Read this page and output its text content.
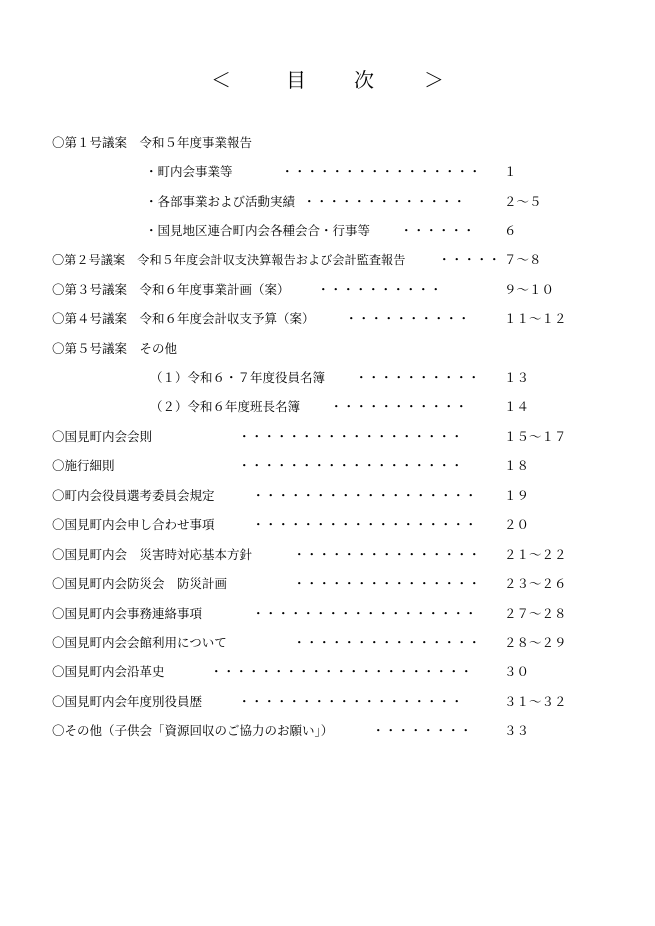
＜	目 次	＞
〇第１号議案　令和５年度事業報告
・町内会事業等	・・・・・・・・・・・・・・・・ １
・各部事業および活動実績 ・・・・・・・・・・・・・	２～５
・国見地区連合町内会各種会合・行事等 ・・・・・・ ６
〇第２号議案　令和５年度会計収支決算報告および会計監査報告	・・・・・ ７～８
〇第３号議案　令和６年度事業計画（案） ・・・・・・・・・・	９～１０
〇第４号議案　令和６年度会計収支予算（案） ・・・・・・・・・・	１１～１２
〇第５号議案　その他
（１）令和６・７年度役員名簿 ・・・・・・・・・・ １３
（２）令和６年度班長名簿 ・・・・・・・・・・・	１４
〇国見町内会会則	・・・・・・・・・・・・・・・・・・	１５～１７
〇施行細則	・・・・・・・・・・・・・・・・・・	１８
〇町内会役員選考委員会規定	・・・・・・・・・・・・・・・・・・ １９
〇国見町内会申し合わせ事項	・・・・・・・・・・・・・・・・・・ ２０
〇国見町内会　災害時対応基本方針	・・・・・・・・・・・・・・・ ２１～２２
〇国見町内会防災会　防災計画	・・・・・・・・・・・・・・・ ２３～２６
〇国見町内会事務連絡事項	・・・・・・・・・・・・・・・・・・ ２７～２８
〇国見町内会会館利用について	・・・・・・・・・・・・・・・ ２８～２９
〇国見町内会沿革史	・・・・・・・・・・・・・・・・・・・・・	３０
〇国見町内会年度別役員歴	・・・・・・・・・・・・・・・・・・	３１～３２
〇その他（子供会「資源回収のご協力のお願い」）	・・・・・・・・	３３
